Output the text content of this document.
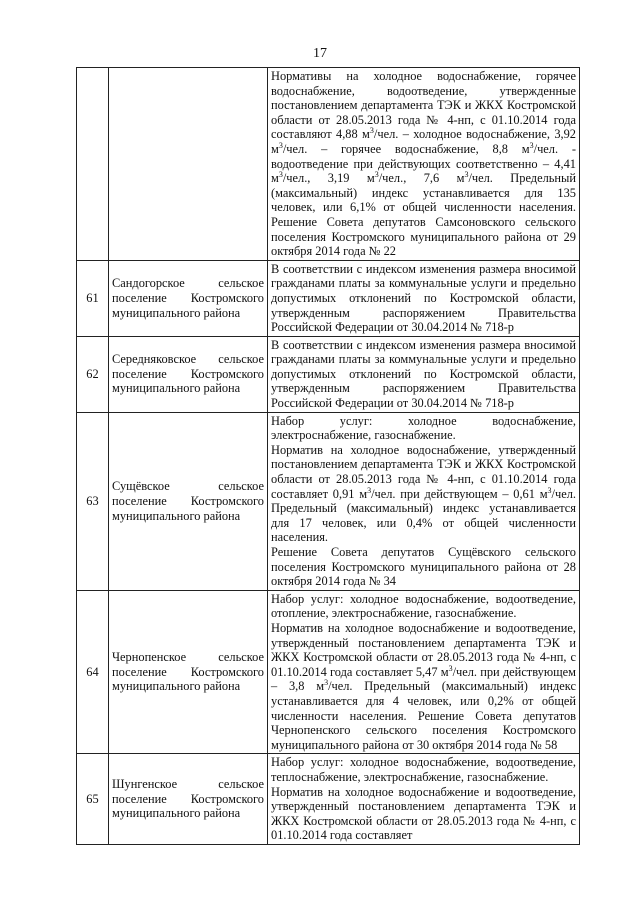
17

		Нормативы на холодное водоснабжение, горячее водоснабжение, водоотведение, утвержденные постановлением департамента ТЭК и ЖКХ Костромской области от 28.05.2013 года № 4-нп, с 01.10.2014 года составляют 4,88 $м^3$/чел. – холодное водоснабжение, 3,92 $м^3$/чел. – горячее водоснабжение, 8,8 $м^3$/чел. - водоотведение при действующих соответственно – 4,41 $м^3$/чел., 3,19 $м^3$/чел., 7,6 $м^3$/чел. Предельный (максимальный) индекс устанавливается для 135 человек, или 6,1% от общей численности населения. Решение Совета депутатов Самсоновского сельского поселения Костромского муниципального района от 29 октября 2014 года № 22

61	Сандогорское сельское поселение Костромского муниципального района	В соответствии с индексом изменения размера вносимой гражданами платы за коммунальные услуги и предельно допустимых отклонений по Костромской области, утвержденным распоряжением Правительства Российской Федерации от 30.04.2014 № 718-р

62	Середняковское сельское поселение Костромского муниципального района	В соответствии с индексом изменения размера вносимой гражданами платы за коммунальные услуги и предельно допустимых отклонений по Костромской области, утвержденным распоряжением Правительства Российской Федерации от 30.04.2014 № 718-р

63	Сущёвское сельское поселение Костромского муниципального района	Набор услуг: холодное водоснабжение, электроснабжение, газоснабжение.

Норматив на холодное водоснабжение, утвержденный постановлением департамента ТЭК и ЖКХ Костромской области от 28.05.2013 года № 4-нп, с 01.10.2014 года составляет 0,91 $м^3$/чел. при действующем – 0,61 $м^3$/чел. Предельный (максимальный) индекс устанавливается для 17 человек, или 0,4% от общей численности населения.

Решение Совета депутатов Сущёвского сельского поселения Костромского муниципального района от 28 октября 2014 года № 34

64	Чернопенское сельское поселение Костромского муниципального района	Набор услуг: холодное водоснабжение, водоотведение, отопление, электроснабжение, газоснабжение.

Норматив на холодное водоснабжение и водоотведение, утвержденный постановлением департамента ТЭК и ЖКХ Костромской области от 28.05.2013 года № 4-нп, с 01.10.2014 года составляет 5,47 $м^3$/чел. при действующем – 3,8 $м^3$/чел. Предельный (максимальный) индекс устанавливается для 4 человек, или 0,2% от общей численности населения. Решение Совета депутатов Чернопенского сельского поселения Костромского муниципального района от 30 октября 2014 года № 58

65	Шунгенское сельское поселение Костромского муниципального района	Набор услуг: холодное водоснабжение, водоотведение, теплоснабжение, электроснабжение, газоснабжение.

Норматив на холодное водоснабжение и водоотведение, утвержденный постановлением департамента ТЭК и ЖКХ Костромской области от 28.05.2013 года № 4-нп, с 01.10.2014 года составляет
